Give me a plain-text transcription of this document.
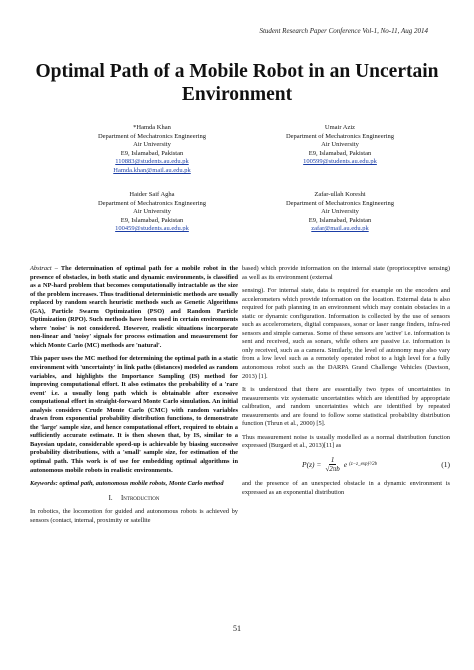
Student Research Paper Conference Vol-1, No-11, Aug 2014
Optimal Path of a Mobile Robot in an Uncertain Environment
*Hamda Khan
Department of Mechatronics Engineering
Air University
E9, Islamabad, Pakistan
110883@students.au.edu.pk
Hamda.khan@mail.au.edu.pk
Umair Aziz
Department of Mechatronics Engineering
Air University
E9, Islamabad, Pakistan
100599@students.au.edu.pk
Haider Saif Agha
Department of Mechatronics Engineering
Air University
E9, Islamabad, Pakistan
100459@students.au.edu.pk
Zafar-ullah Koreshi
Department of Mechatronics Engineering
Air University
E9, Islamabad, Pakistan
zafar@mail.au.edu.pk

Abstract – The determination of optimal path for a mobile robot in the presence of obstacles, in both static and dynamic environments, is classified as a NP-hard problem that becomes computationally intractable as the size of the problem increases. Thus traditional deterministic methods are usually replaced by random search heuristic methods such as Genetic Algorithms (GA), Particle Swarm Optimization (PSO) and Random Particle Optimization (RPO). Such methods have been used in certain environments where 'noise' is not considered. However, realistic situations incorporate non-linear and 'noisy' signals for process estimation and measurement for which Monte Carlo (MC) methods are 'natural'.

This paper uses the MC method for determining the optimal path in a static environment with 'uncertainty' in link paths (distances) modeled as random variables, and highlights the Importance Sampling (IS) method for improving computational effort. It also estimates the probability of a 'rare event' i.e. a usually long path which is obtainable after excessive computational effort in straight-forward Monte Carlo simulation. An initial analysis considers Crude Monte Carlo (CMC) with random variables drawn from exponential probability distribution functions, to demonstrate the 'large' sample size, and hence computational effort, required to obtain a sufficiently accurate estimate. It is then shown that, by IS, similar to a Bayesian update, considerable speed-up is achievable by biasing successive probability distributions, with a 'small' sample size, for estimation of the optimal path. This work is of use for embedding optimal algorithms in autonomous mobile robots in realistic environments.

Keywords: optimal path, autonomous mobile robots, Monte Carlo method

I. Introduction

In robotics, the locomotion for guided and autonomous robots is achieved by sensors (contact, internal, proximity or satellite

based) which provide information on the internal state (proprioceptive sensing) as well as its environment (external

sensing). For internal state, data is required for example on the encoders and accelerometers which provide information on the location. External data is also required for path planning in an environment which may contain obstacles in a static or dynamic configuration. Information is collected by the use of sensors such as accelerometers, digital compasses, sonar or laser range finders, infra-red sensors and simple cameras. Some of these sensors are 'active' i.e. information is sent and received, such as sonars, while others are passive i.e. information is only received, such as a camera. Similarly, the level of autonomy may also vary from a low level such as a remotely operated robot to a high level for a fully autonomous robot such as the DARPA Grand Challenge Vehicles (Davison, 2013) [1].

It is understood that there are essentially two types of uncertainties in measurements viz systematic uncertainties which are identified by appropriate calibration, and random uncertainties which are identified by repeated measurements and are found to follow some statistical probability distribution function (Thrun et al., 2000) [5].

Thus measurement noise is usually modelled as a normal distribution function expressed (Burgard et al., 2013)[11] as

$P(z) = \frac{1}{√2\pi b}$ e (z−z_exp)²/2b	(1)

and the presence of an unexpected obstacle in a dynamic environment is expressed as an exponential distribution

51
